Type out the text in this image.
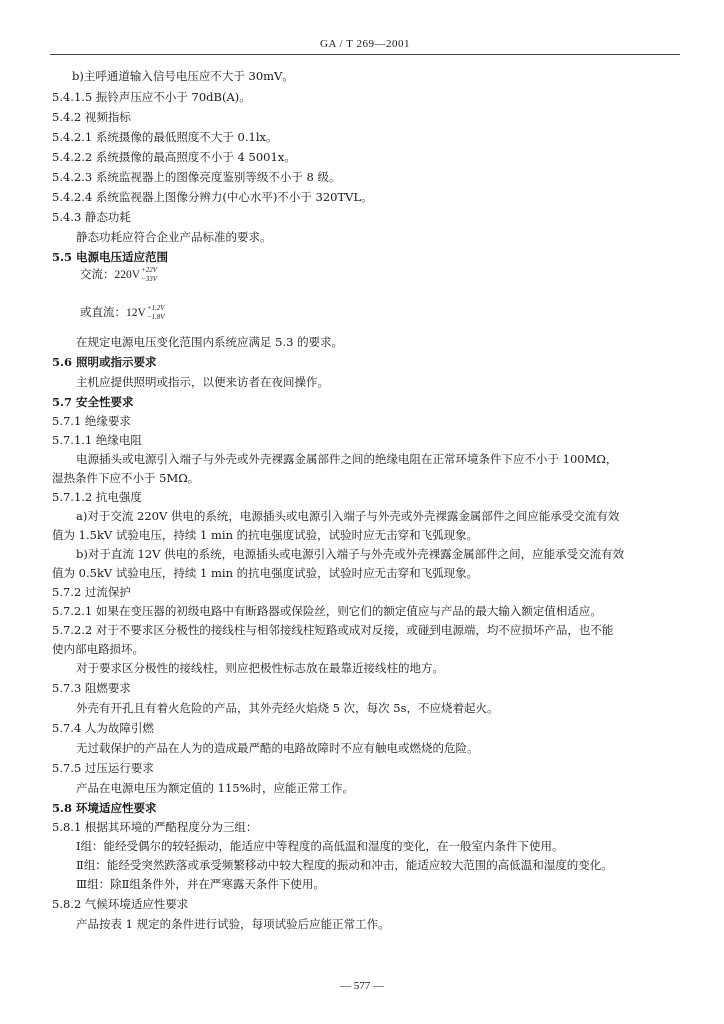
GA / T 269—2001
b)主呼通道输入信号电压应不大于 30mV。
5.4.1.5 振铃声压应不小于 70dB(A)。
5.4.2 视频指标
5.4.2.1 系统摄像的最低照度不大于 0.1lx。
5.4.2.2 系统摄像的最高照度不小于 4 5001x。
5.4.2.3 系统监视器上的图像亮度鉴别等级不小于 8 级。
5.4.2.4 系统监视器上图像分辨力(中心水平)不小于 320TVL。
5.4.3 静态功耗
静态功耗应符合企业产品标准的要求。
5.5 电源电压适应范围
交流：220V +22V
−33V
或直流：12V +1.2V
−1.8V
在规定电源电压变化范围内系统应满足 5.3 的要求。
5.6 照明或指示要求
主机应提供照明或指示，以便来访者在夜间操作。
5.7 安全性要求
5.7.1 绝缘要求
5.7.1.1 绝缘电阻
电源插头或电源引入端子与外壳或外壳裸露金属部件之间的绝缘电阻在正常环境条件下应不小于 100MΩ，
湿热条件下应不小于 5MΩ。
5.7.1.2 抗电强度
a)对于交流 220V 供电的系统，电源插头或电源引入端子与外壳或外壳裸露金属部件之间应能承受交流有效
值为 1.5kV 试验电压，持续 1 min 的抗电强度试验，试验时应无击穿和飞弧现象。
b)对于直流 12V 供电的系统，电源插头或电源引入端子与外壳或外壳裸露金属部件之间，应能承受交流有效
值为 0.5kV 试验电压，持续 1 min 的抗电强度试验，试验时应无击穿和飞弧现象。
5.7.2 过流保护
5.7.2.1 如果在变压器的初级电路中有断路器或保险丝，则它们的额定值应与产品的最大输入额定值相适应。
5.7.2.2 对于不要求区分极性的接线柱与相邻接线柱短路或成对反接，或碰到电源端，均不应损坏产品，也不能
使内部电路损坏。
对于要求区分极性的接线柱，则应把极性标志放在最靠近接线柱的地方。
5.7.3 阻燃要求
外壳有开孔且有着火危险的产品，其外壳经火焰烧 5 次，每次 5s，不应烧着起火。
5.7.4 人为故障引燃
无过载保护的产品在人为的造成最严酷的电路故障时不应有触电或燃烧的危险。
5.7.5 过压运行要求
产品在电源电压为额定值的 115%时，应能正常工作。
5.8 环境适应性要求
5.8.1 根据其环境的严酷程度分为三组：
Ⅰ组：能经受偶尔的较轻振动，能适应中等程度的高低温和湿度的变化，在一般室内条件下使用。
Ⅱ组：能经受突然跌落或承受频繁移动中较大程度的振动和冲击，能适应较大范围的高低温和湿度的变化。
Ⅲ组：除Ⅱ组条件外，并在严寒露天条件下使用。
5.8.2 气候环境适应性要求
产品按表 1 规定的条件进行试验，每项试验后应能正常工作。
— 577 —
